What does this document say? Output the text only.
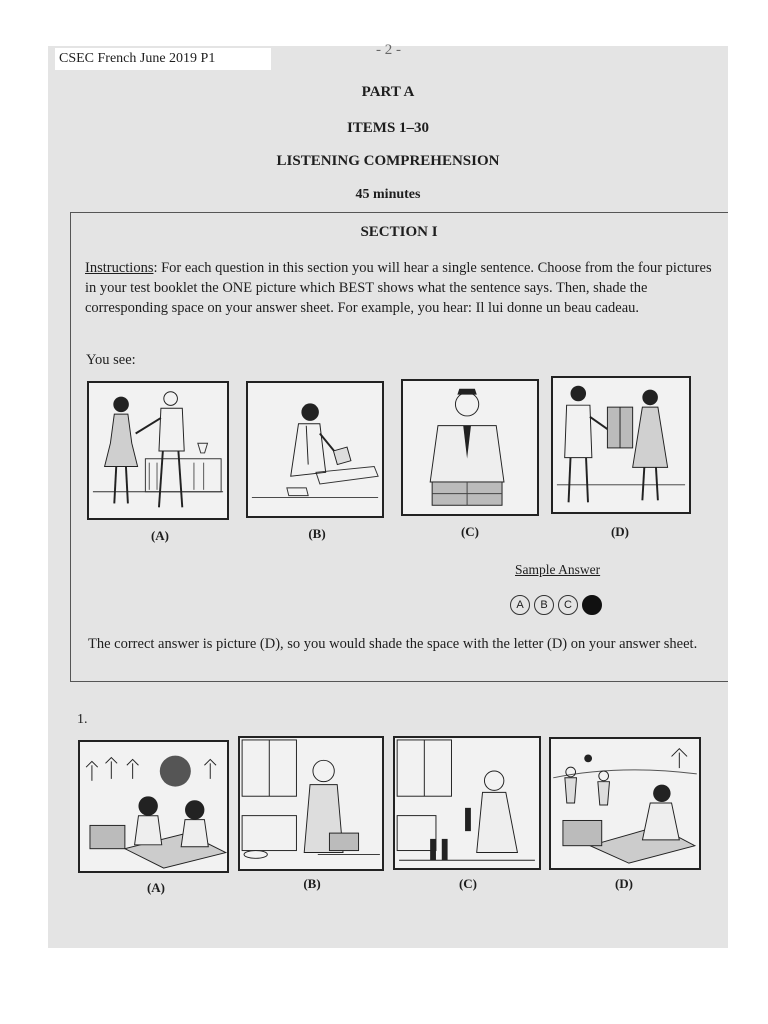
CSEC French June 2019 P1
- 2 -
PART A
ITEMS 1–30
LISTENING COMPREHENSION
45 minutes
SECTION I
Instructions: For each question in this section you will hear a single sentence. Choose from the four pictures in your test booklet the ONE picture which BEST shows what the sentence says. Then, shade the corresponding space on your answer sheet. For example, you hear: Il lui donne un beau cadeau.
You see:
(A)	(B)	(C)	(D)
Sample Answer
A	B	C
The correct answer is picture (D), so you would shade the space with the letter (D) on your answer sheet.
1.
(A)	(B)	(C)	(D)
